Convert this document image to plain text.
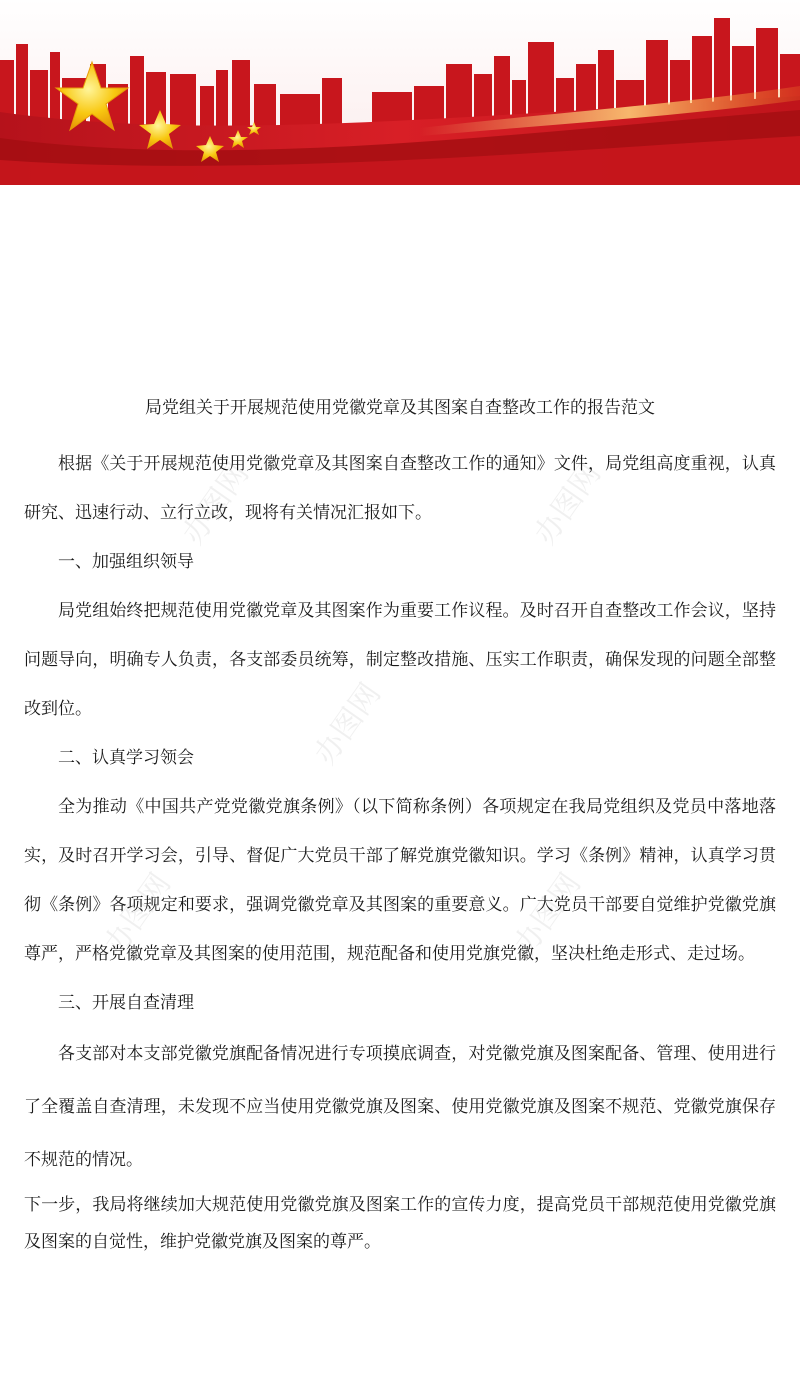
办图网	办图网
办图网
办图网	办图网
局党组关于开展规范使用党徽党章及其图案自查整改工作的报告范文

根据《关于开展规范使用党徽党章及其图案自查整改工作的通知》文件，局党组高度重视，认真研究、迅速行动、立行立改，现将有关情况汇报如下。

一、加强组织领导

局党组始终把规范使用党徽党章及其图案作为重要工作议程。及时召开自查整改工作会议，坚持问题导向，明确专人负责，各支部委员统筹，制定整改措施、压实工作职责，确保发现的问题全部整改到位。

二、认真学习领会

全为推动《中国共产党党徽党旗条例》（以下简称条例）各项规定在我局党组织及党员中落地落实，及时召开学习会，引导、督促广大党员干部了解党旗党徽知识。学习《条例》精神，认真学习贯彻《条例》各项规定和要求，强调党徽党章及其图案的重要意义。广大党员干部要自觉维护党徽党旗尊严，严格党徽党章及其图案的使用范围，规范配备和使用党旗党徽，坚决杜绝走形式、走过场。

三、开展自查清理

各支部对本支部党徽党旗配备情况进行专项摸底调查，对党徽党旗及图案配备、管理、使用进行了全覆盖自查清理，未发现不应当使用党徽党旗及图案、使用党徽党旗及图案不规范、党徽党旗保存不规范的情况。

下一步，我局将继续加大规范使用党徽党旗及图案工作的宣传力度，提高党员干部规范使用党徽党旗及图案的自觉性，维护党徽党旗及图案的尊严。
